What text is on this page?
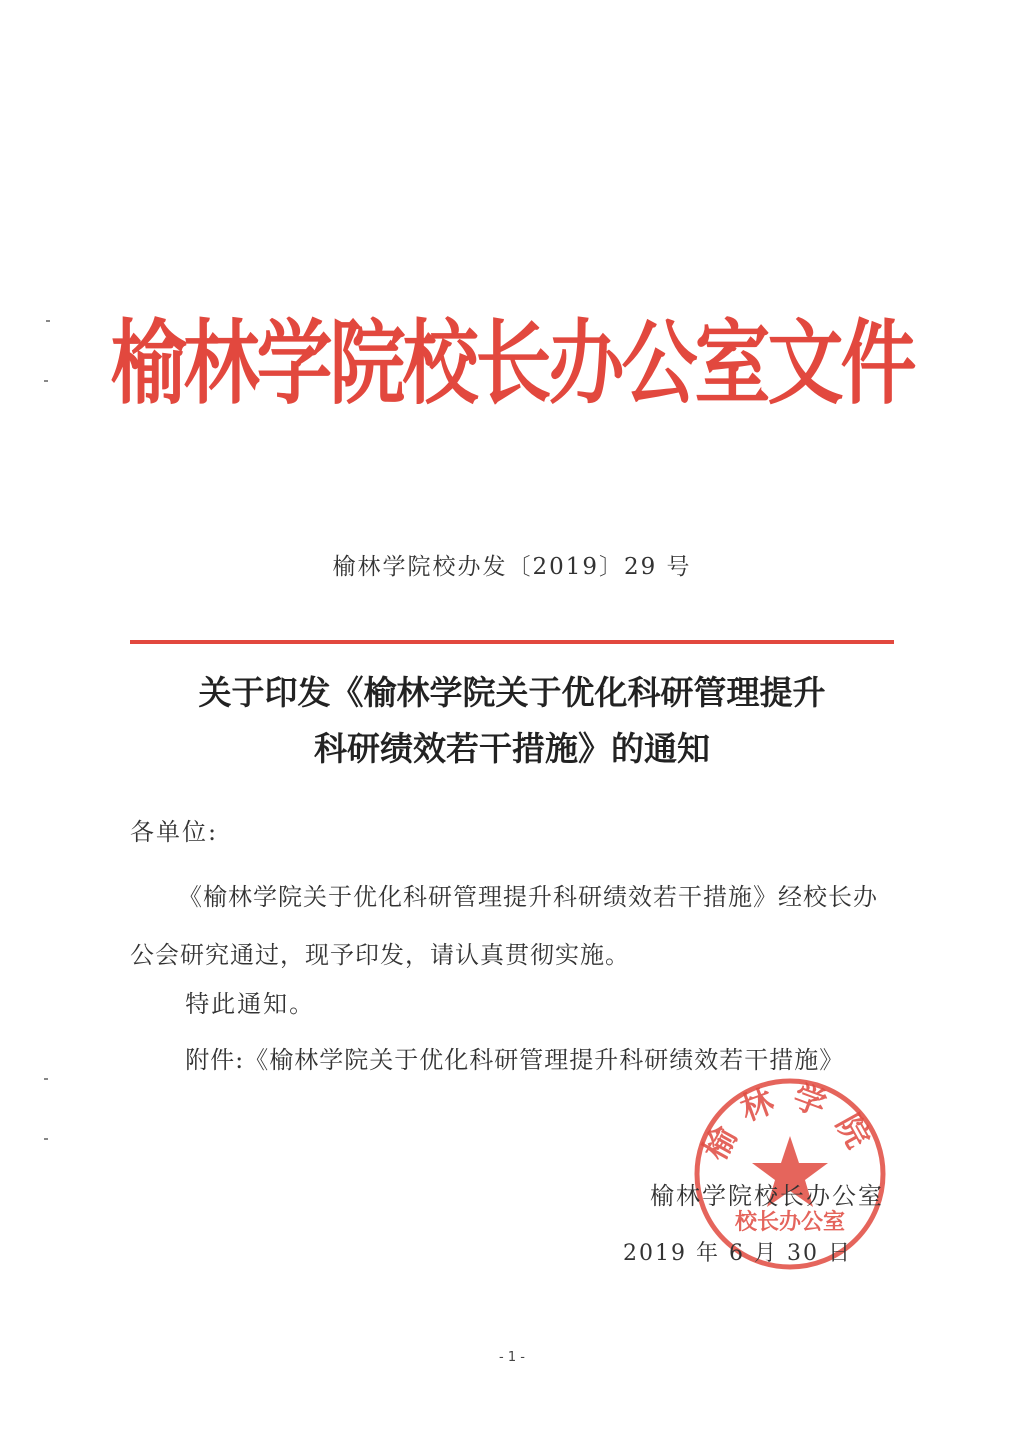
榆林学院校长办公室文件
榆林学院校办发〔2019〕29 号
关于印发《榆林学院关于优化科研管理提升
科研绩效若干措施》的通知
各单位:
《榆林学院关于优化科研管理提升科研绩效若干措施》经校长办公会研究通过，现予印发，请认真贯彻实施。
特此通知。
附件:《榆林学院关于优化科研管理提升科研绩效若干措施》
榆林学院
校长办公室
榆林学院校长办公室
2019 年 6 月 30 日
- 1 -
